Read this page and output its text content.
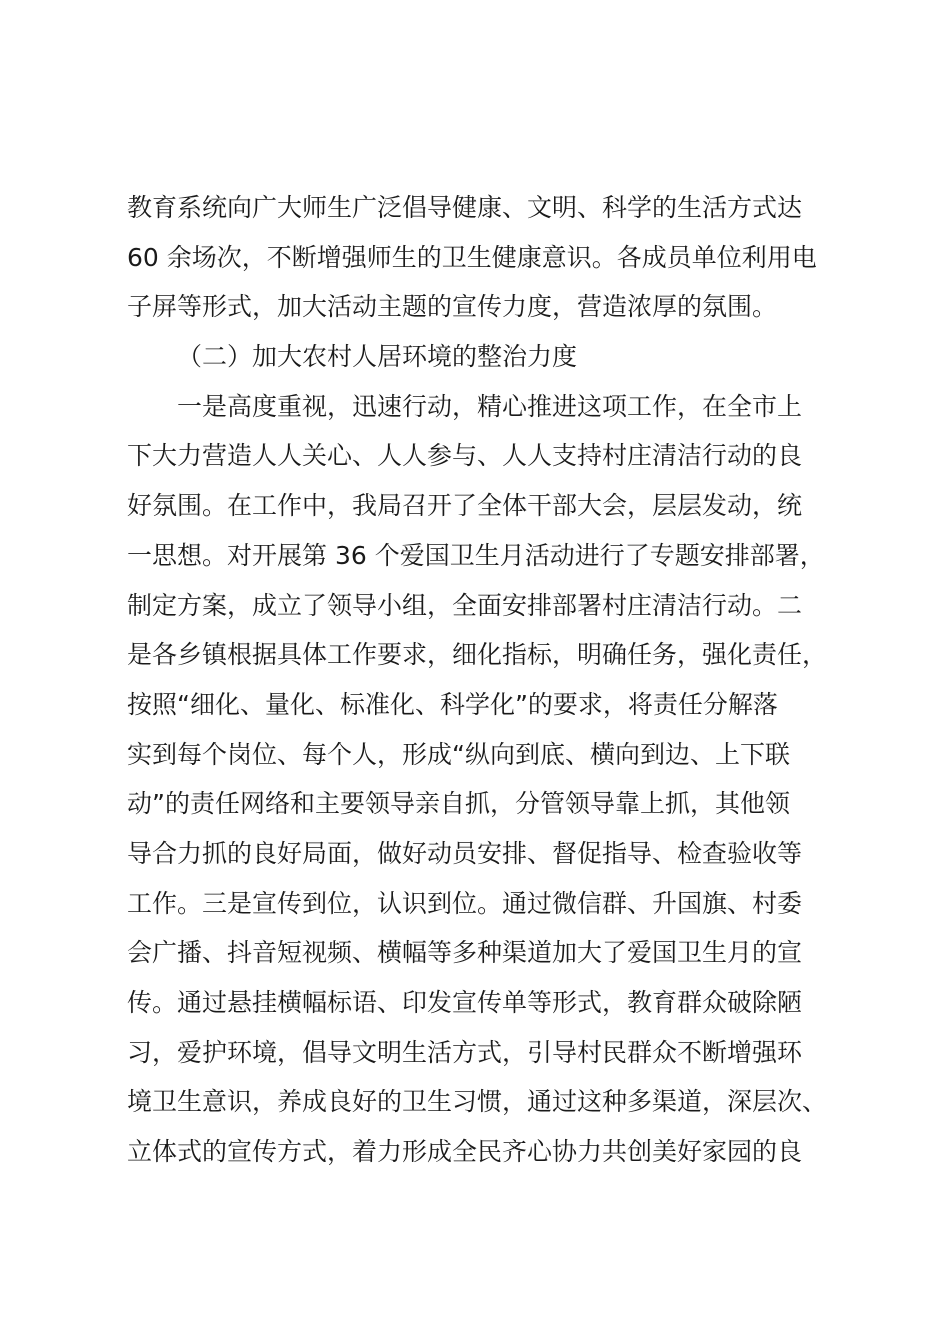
教育系统向广大师生广泛倡导健康、文明、科学的生活方式达
60 余场次，不断增强师生的卫生健康意识。各成员单位利用电
子屏等形式，加大活动主题的宣传力度，营造浓厚的氛围。
（二）加大农村人居环境的整治力度
一是高度重视，迅速行动，精心推进这项工作，在全市上
下大力营造人人关心、人人参与、人人支持村庄清洁行动的良
好氛围。在工作中，我局召开了全体干部大会，层层发动，统
一思想。对开展第 36 个爱国卫生月活动进行了专题安排部署，
制定方案，成立了领导小组，全面安排部署村庄清洁行动。二
是各乡镇根据具体工作要求，细化指标，明确任务，强化责任，
按照“细化、量化、标准化、科学化”的要求，将责任分解落
实到每个岗位、每个人，形成“纵向到底、横向到边、上下联
动”的责任网络和主要领导亲自抓，分管领导靠上抓，其他领
导合力抓的良好局面，做好动员安排、督促指导、检查验收等
工作。三是宣传到位，认识到位。通过微信群、升国旗、村委
会广播、抖音短视频、横幅等多种渠道加大了爱国卫生月的宣
传。通过悬挂横幅标语、印发宣传单等形式，教育群众破除陋
习，爱护环境，倡导文明生活方式，引导村民群众不断增强环
境卫生意识，养成良好的卫生习惯，通过这种多渠道，深层次、
立体式的宣传方式，着力形成全民齐心协力共创美好家园的良
